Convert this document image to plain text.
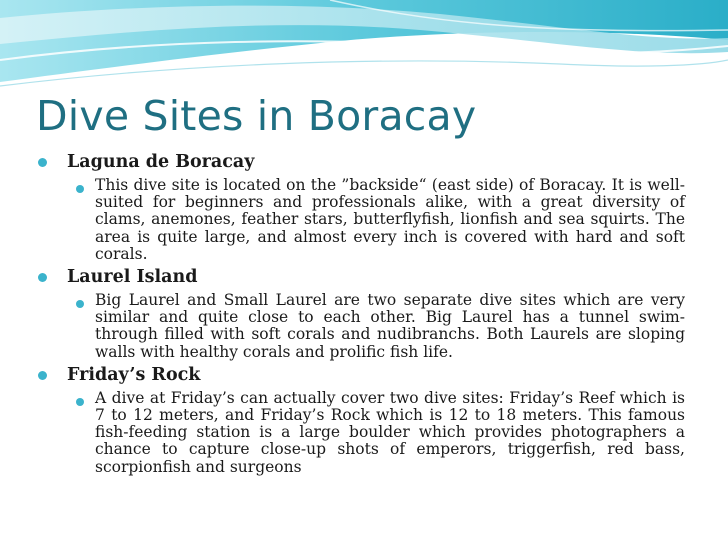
Dive Sites in Boracay
Laguna de Boracay
This dive site is located on the ”backside“ (east side) of Boracay. It is well-suited for beginners and professionals alike, with a great diversity of clams, anemones, feather stars, butterflyfish, lionfish and sea squirts. The area is quite large, and almost every inch is covered with hard and soft corals.
Laurel Island
Big Laurel and Small Laurel are two separate dive sites which are very similar and quite close to each other. Big Laurel has a tunnel swim-through filled with soft corals and nudibranchs. Both Laurels are sloping walls with healthy corals and prolific fish life.
Friday’s Rock
A dive at Friday’s can actually cover two dive sites: Friday’s Reef which is 7 to 12 meters, and Friday’s Rock which is 12 to 18 meters. This famous fish-feeding station is a large boulder which provides photographers a chance to capture close-up shots of emperors, triggerfish, red bass, scorpionfish and surgeons
